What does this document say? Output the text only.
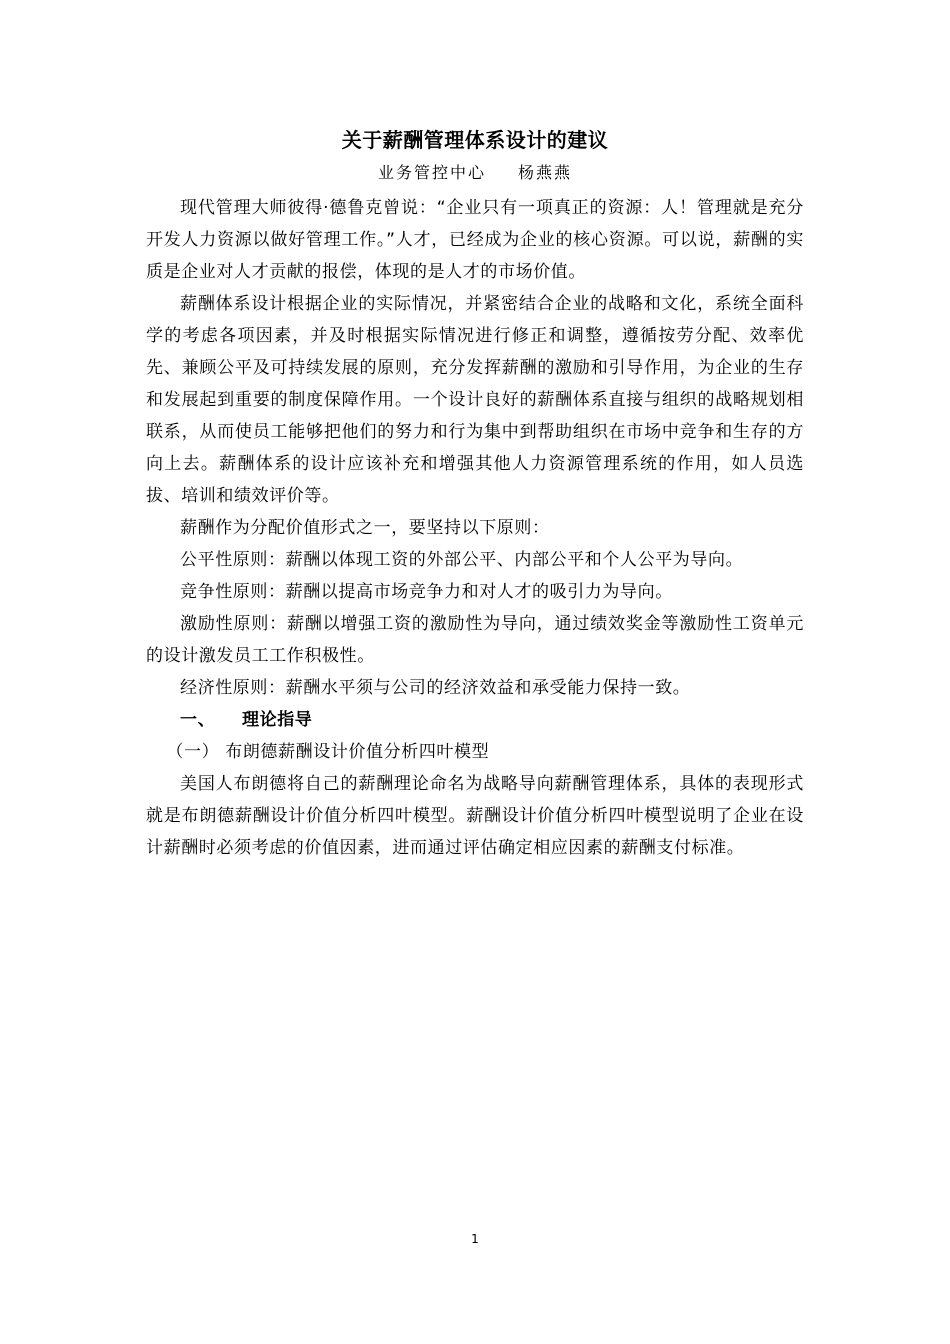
关于薪酬管理体系设计的建议
业务管控中心 杨燕燕

现代管理大师彼得·德鲁克曾说：“企业只有一项真正的资源：人！管理就是充分开发人力资源以做好管理工作。”人才，已经成为企业的核心资源。可以说，薪酬的实质是企业对人才贡献的报偿，体现的是人才的市场价值。

薪酬体系设计根据企业的实际情况，并紧密结合企业的战略和文化，系统全面科学的考虑各项因素，并及时根据实际情况进行修正和调整，遵循按劳分配、效率优先、兼顾公平及可持续发展的原则，充分发挥薪酬的激励和引导作用，为企业的生存和发展起到重要的制度保障作用。一个设计良好的薪酬体系直接与组织的战略规划相联系，从而使员工能够把他们的努力和行为集中到帮助组织在市场中竞争和生存的方向上去。薪酬体系的设计应该补充和增强其他人力资源管理系统的作用，如人员选拔、培训和绩效评价等。

薪酬作为分配价值形式之一，要坚持以下原则：

公平性原则：薪酬以体现工资的外部公平、内部公平和个人公平为导向。

竞争性原则：薪酬以提高市场竞争力和对人才的吸引力为导向。

激励性原则：薪酬以增强工资的激励性为导向，通过绩效奖金等激励性工资单元的设计激发员工工作积极性。

经济性原则：薪酬水平须与公司的经济效益和承受能力保持一致。

一、 理论指导
（一） 布朗德薪酬设计价值分析四叶模型

美国人布朗德将自己的薪酬理论命名为战略导向薪酬管理体系，具体的表现形式就是布朗德薪酬设计价值分析四叶模型。薪酬设计价值分析四叶模型说明了企业在设计薪酬时必须考虑的价值因素，进而通过评估确定相应因素的薪酬支付标准。

1
